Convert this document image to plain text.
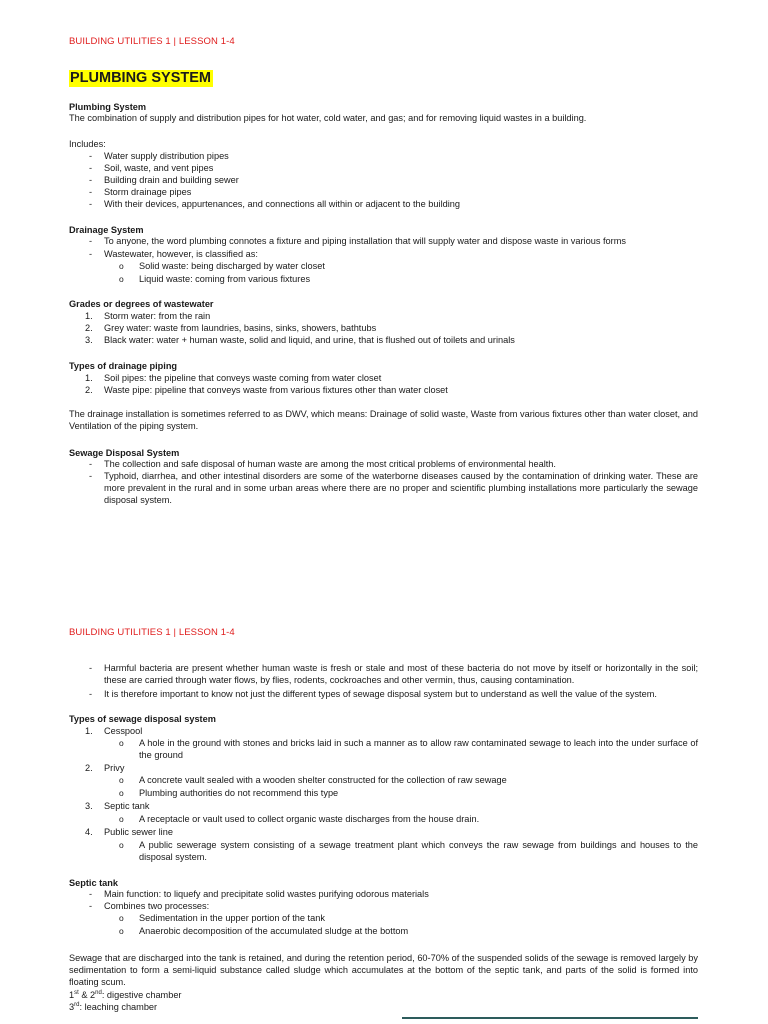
BUILDING UTILITIES 1 | LESSON 1-4
PLUMBING SYSTEM
Plumbing System
The combination of supply and distribution pipes for hot water, cold water, and gas; and for removing liquid wastes in a building.
Includes:
- Water supply distribution pipes
- Soil, waste, and vent pipes
- Building drain and building sewer
- Storm drainage pipes
- With their devices, appurtenances, and connections all within or adjacent to the building
Drainage System
- To anyone, the word plumbing connotes a fixture and piping installation that will supply water and dispose waste in various forms
- Wastewater, however, is classified as:
o Solid waste: being discharged by water closet
o Liquid waste: coming from various fixtures
Grades or degrees of wastewater
1. Storm water: from the rain
2. Grey water: waste from laundries, basins, sinks, showers, bathtubs
3. Black water: water + human waste, solid and liquid, and urine, that is flushed out of toilets and urinals
Types of drainage piping
1. Soil pipes: the pipeline that conveys waste coming from water closet
2. Waste pipe: pipeline that conveys waste from various fixtures other than water closet
The drainage installation is sometimes referred to as DWV, which means: Drainage of solid waste, Waste from various fixtures other than water closet, and Ventilation of the piping system.
Sewage Disposal System
- The collection and safe disposal of human waste are among the most critical problems of environmental health.
- Typhoid, diarrhea, and other intestinal disorders are some of the waterborne diseases caused by the contamination of drinking water. These are more prevalent in the rural and in some urban areas where there are no proper and scientific plumbing installations more particularly the sewage disposal system.
BUILDING UTILITIES 1 | LESSON 1-4
- Harmful bacteria are present whether human waste is fresh or stale and most of these bacteria do not move by itself or horizontally in the soil; these are carried through water flows, by flies, rodents, cockroaches and other vermin, thus, causing contamination.
- It is therefore important to know not just the different types of sewage disposal system but to understand as well the value of the system.
Types of sewage disposal system
1. Cesspool
o A hole in the ground with stones and bricks laid in such a manner as to allow raw contaminated sewage to leach into the under surface of the ground
2. Privy
o A concrete vault sealed with a wooden shelter constructed for the collection of raw sewage
o Plumbing authorities do not recommend this type
3. Septic tank
o A receptacle or vault used to collect organic waste discharges from the house drain.
4. Public sewer line
o A public sewerage system consisting of a sewage treatment plant which conveys the raw sewage from buildings and houses to the disposal system.
Septic tank
- Main function: to liquefy and precipitate solid wastes purifying odorous materials
- Combines two processes:
o Sedimentation in the upper portion of the tank
o Anaerobic decomposition of the accumulated sludge at the bottom
Sewage that are discharged into the tank is retained, and during the retention period, 60-70% of the suspended solids of the sewage is removed largely by sedimentation to form a semi-liquid substance called sludge which accumulates at the bottom of the septic tank, and parts of the solid is formed into floating scum.
1st & 2nd: digestive chamber
3rd: leaching chamber
